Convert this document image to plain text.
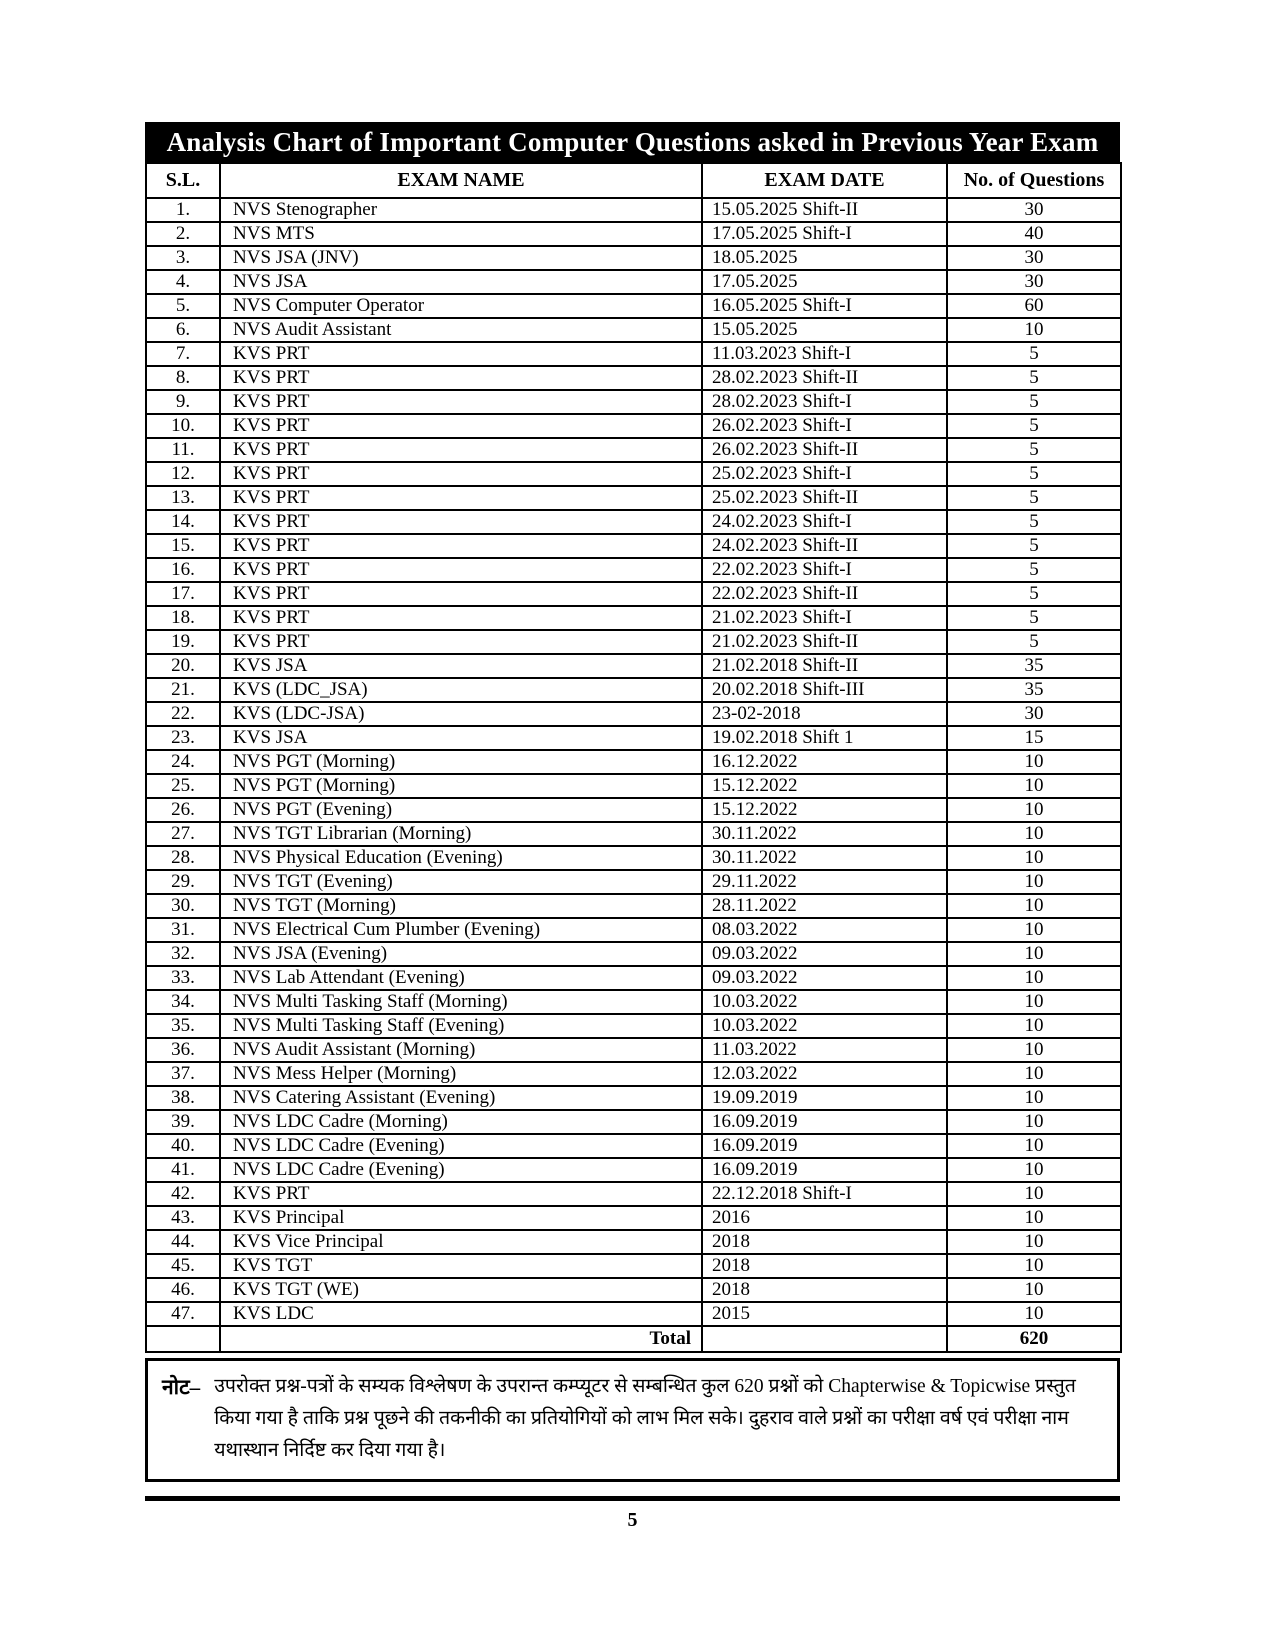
Analysis Chart of Important Computer Questions asked in Previous Year Exam
S.L.	EXAM NAME	EXAM DATE	No. of Questions
1.	NVS Stenographer	15.05.2025 Shift-II	30
2.	NVS MTS	17.05.2025 Shift-I	40
3.	NVS JSA (JNV)	18.05.2025	30
4.	NVS JSA	17.05.2025	30
5.	NVS Computer Operator	16.05.2025 Shift-I	60
6.	NVS Audit Assistant	15.05.2025	10
7.	KVS PRT	11.03.2023 Shift-I	5
8.	KVS PRT	28.02.2023 Shift-II	5
9.	KVS PRT	28.02.2023 Shift-I	5
10.	KVS PRT	26.02.2023 Shift-I	5
11.	KVS PRT	26.02.2023 Shift-II	5
12.	KVS PRT	25.02.2023 Shift-I	5
13.	KVS PRT	25.02.2023 Shift-II	5
14.	KVS PRT	24.02.2023 Shift-I	5
15.	KVS PRT	24.02.2023 Shift-II	5
16.	KVS PRT	22.02.2023 Shift-I	5
17.	KVS PRT	22.02.2023 Shift-II	5
18.	KVS PRT	21.02.2023 Shift-I	5
19.	KVS PRT	21.02.2023 Shift-II	5
20.	KVS JSA	21.02.2018 Shift-II	35
21.	KVS (LDC_JSA)	20.02.2018 Shift-III	35
22.	KVS (LDC-JSA)	23-02-2018	30
23.	KVS JSA	19.02.2018 Shift 1	15
24.	NVS PGT (Morning)	16.12.2022	10
25.	NVS PGT (Morning)	15.12.2022	10
26.	NVS PGT (Evening)	15.12.2022	10
27.	NVS TGT Librarian (Morning)	30.11.2022	10
28.	NVS Physical Education (Evening)	30.11.2022	10
29.	NVS TGT (Evening)	29.11.2022	10
30.	NVS TGT (Morning)	28.11.2022	10
31.	NVS Electrical Cum Plumber (Evening)	08.03.2022	10
32.	NVS JSA (Evening)	09.03.2022	10
33.	NVS Lab Attendant (Evening)	09.03.2022	10
34.	NVS Multi Tasking Staff (Morning)	10.03.2022	10
35.	NVS Multi Tasking Staff (Evening)	10.03.2022	10
36.	NVS Audit Assistant (Morning)	11.03.2022	10
37.	NVS Mess Helper (Morning)	12.03.2022	10
38.	NVS Catering Assistant (Evening)	19.09.2019	10
39.	NVS LDC Cadre (Morning)	16.09.2019	10
40.	NVS LDC Cadre (Evening)	16.09.2019	10
41.	NVS LDC Cadre (Evening)	16.09.2019	10
42.	KVS PRT	22.12.2018 Shift-I	10
43.	KVS Principal	2016	10
44.	KVS Vice Principal	2018	10
45.	KVS TGT	2018	10
46.	KVS TGT (WE)	2018	10
47.	KVS LDC	2015	10
	Total		620
नोट– उपरोक्त प्रश्न-पत्रों के सम्यक विश्लेषण के उपरान्त कम्प्यूटर से सम्बन्धित कुल 620 प्रश्नों को Chapterwise & Topicwise प्रस्तुत किया गया है ताकि प्रश्न पूछने की तकनीकी का प्रतियोगियों को लाभ मिल सके। दुहराव वाले प्रश्नों का परीक्षा वर्ष एवं परीक्षा नाम यथास्थान निर्दिष्ट कर दिया गया है।
5
